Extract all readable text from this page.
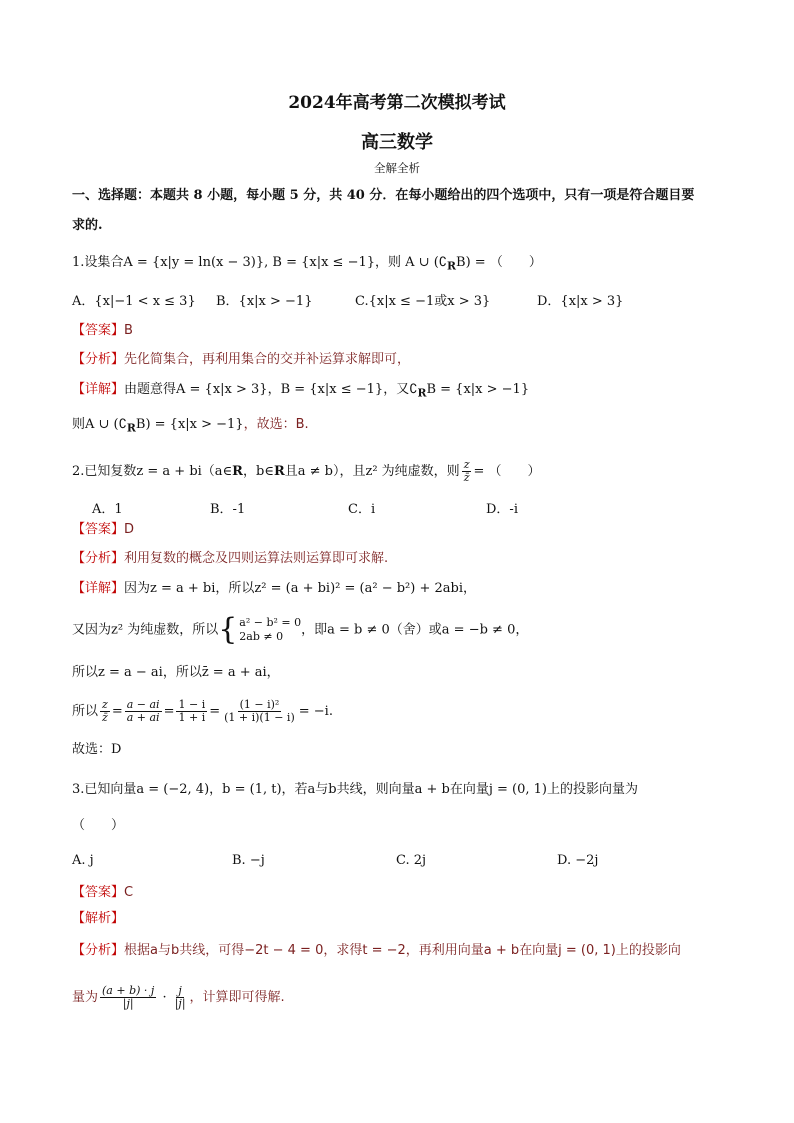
2024年高考第二次模拟考试
高三数学
全解全析
一、选择题：本题共 8 小题，每小题 5 分，共 40 分．在每小题给出的四个选项中，只有一项是符合题目要
求的.
1.设集合A = {x|y = ln(x − 3)}, B = {x|x ≤ −1}，则 A ∪ $(∁_RB)$ = （　　）
A．{x|−1 < x ≤ 3} B．{x|x > −1}	C.{x|x ≤ −1或x > 3}	D．{x|x > 3}
【答案】B
【分析】先化简集合，再利用集合的交并补运算求解即可，
【详解】由题意得A = {x|x > 3}，B = {x|x ≤ −1}，又$∁_RB = \{x|x > -1\}$
则A ∪ $(∁_RB) = \{x|x > -1\}$，故选：B.
2.已知复数z = a + bi（a∈R，b∈R且a ≠ b），且z² 为纯虚数，则 $\frac{z}{z̄}$ = （　　）
A．1	B．-1	C．i	D．-i
【答案】D
【分析】利用复数的概念及四则运算法则运算即可求解.
【详解】因为z = a + bi，所以z² = (a + bi)² = (a² − b²) + 2abi，
又因为z² 为纯虚数，所以{ a² − b² = 0
2ab ≠ 0	，即a = b ≠ 0（舍）或a = −b ≠ 0，
所以z = a − ai，所以z̄ = a + ai，
所以 $\frac{z}{z̄} = \frac{a - ai}{a + ai} = \frac{1 - i}{1 + i} = \frac{\text{(1 − i)²}}{(1 + i)(1 - i)} = -i$.
故选：D
3.已知向量a = (−2, 4)，b = (1, t)，若a与b共线，则向量a + b在向量j = (0, 1)上的投影向量为
（　　）
A. j	B. −j	C. 2j	D. −2j
【答案】C
【解析】
【分析】根据a与b共线，可得−2t − 4 = 0，求得t = −2，再利用向量a + b在向量j = (0, 1)上的投影向
量为 $\frac{(a + b) \cdot j}{|j|} \cdot \frac{j}{|j|}$ ，计算即可得解.
